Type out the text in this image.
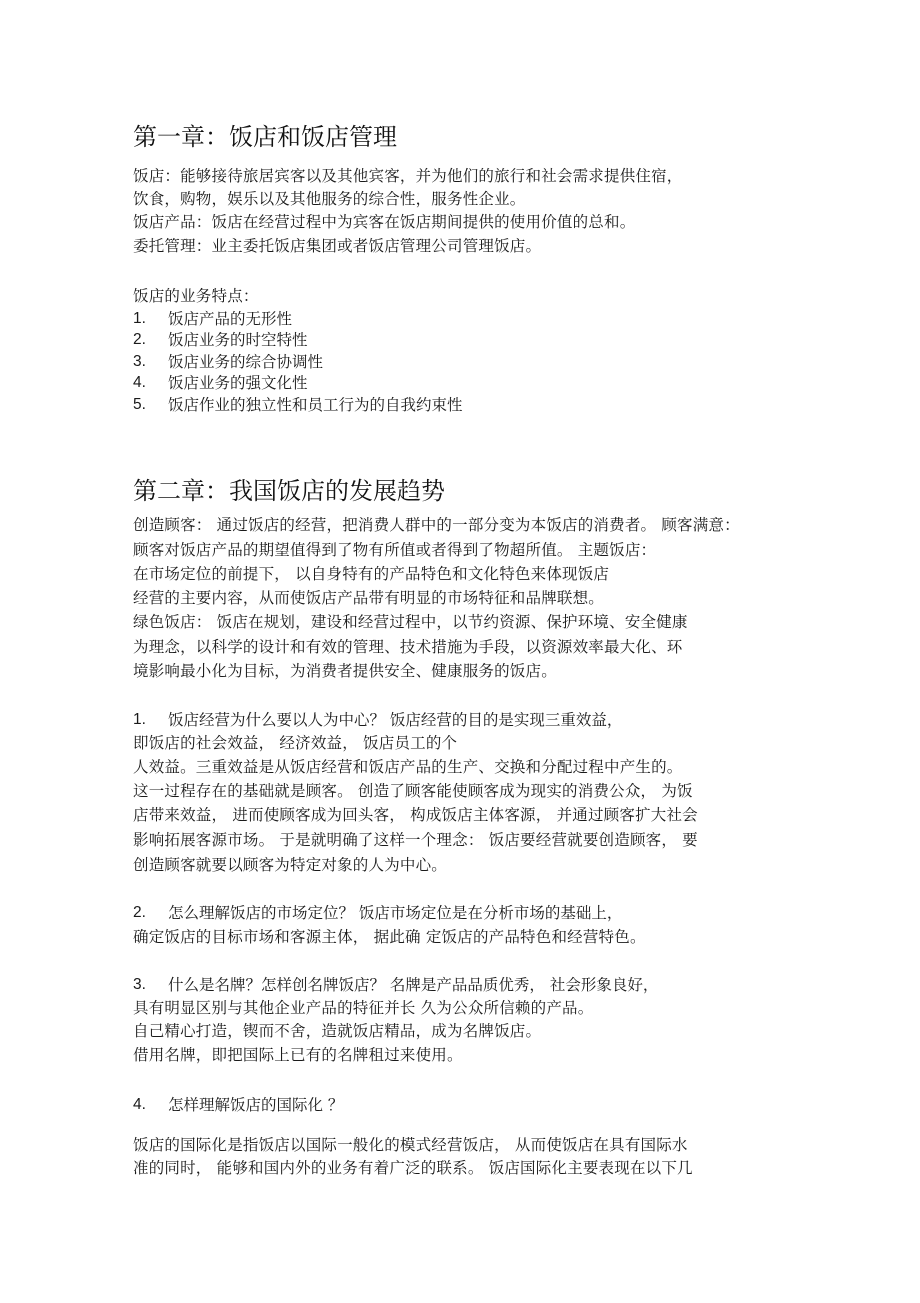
第一章：饭店和饭店管理
饭店：能够接待旅居宾客以及其他宾客，并为他们的旅行和社会需求提供住宿，
饮食，购物，娱乐以及其他服务的综合性，服务性企业。
饭店产品：饭店在经营过程中为宾客在饭店期间提供的使用价值的总和。
委托管理：业主委托饭店集团或者饭店管理公司管理饭店。
饭店的业务特点：
1. 饭店产品的无形性
2. 饭店业务的时空特性
3. 饭店业务的综合协调性
4. 饭店业务的强文化性
5. 饭店作业的独立性和员工行为的自我约束性
第二章：我国饭店的发展趋势
创造顾客： 通过饭店的经营，把消费人群中的一部分变为本饭店的消费者。 顾客满意：
顾客对饭店产品的期望值得到了物有所值或者得到了物超所值。 主题饭店：
在市场定位的前提下， 以自身特有的产品特色和文化特色来体现饭店
经营的主要内容，从而使饭店产品带有明显的市场特征和品牌联想。
绿色饭店： 饭店在规划，建设和经营过程中，以节约资源、保护环境、安全健康
为理念，以科学的设计和有效的管理、技术措施为手段，以资源效率最大化、环
境影响最小化为目标，为消费者提供安全、健康服务的饭店。
1. 饭店经营为什么要以人为中心？ 饭店经营的目的是实现三重效益，
即饭店的社会效益， 经济效益， 饭店员工的个
人效益。三重效益是从饭店经营和饭店产品的生产、交换和分配过程中产生的。
这一过程存在的基础就是顾客。 创造了顾客能使顾客成为现实的消费公众， 为饭
店带来效益， 进而使顾客成为回头客， 构成饭店主体客源， 并通过顾客扩大社会
影响拓展客源市场。 于是就明确了这样一个理念： 饭店要经营就要创造顾客， 要
创造顾客就要以顾客为特定对象的人为中心。
2. 怎么理解饭店的市场定位？ 饭店市场定位是在分析市场的基础上，
确定饭店的目标市场和客源主体， 据此确 定饭店的产品特色和经营特色。
3. 什么是名牌？怎样创名牌饭店？ 名牌是产品品质优秀， 社会形象良好，
具有明显区别与其他企业产品的特征并长 久为公众所信赖的产品。
自己精心打造，锲而不舍，造就饭店精品，成为名牌饭店。
借用名牌，即把国际上已有的名牌租过来使用。
4. 怎样理解饭店的国际化 ？
饭店的国际化是指饭店以国际一般化的模式经营饭店， 从而使饭店在具有国际水
准的同时， 能够和国内外的业务有着广泛的联系。 饭店国际化主要表现在以下几
